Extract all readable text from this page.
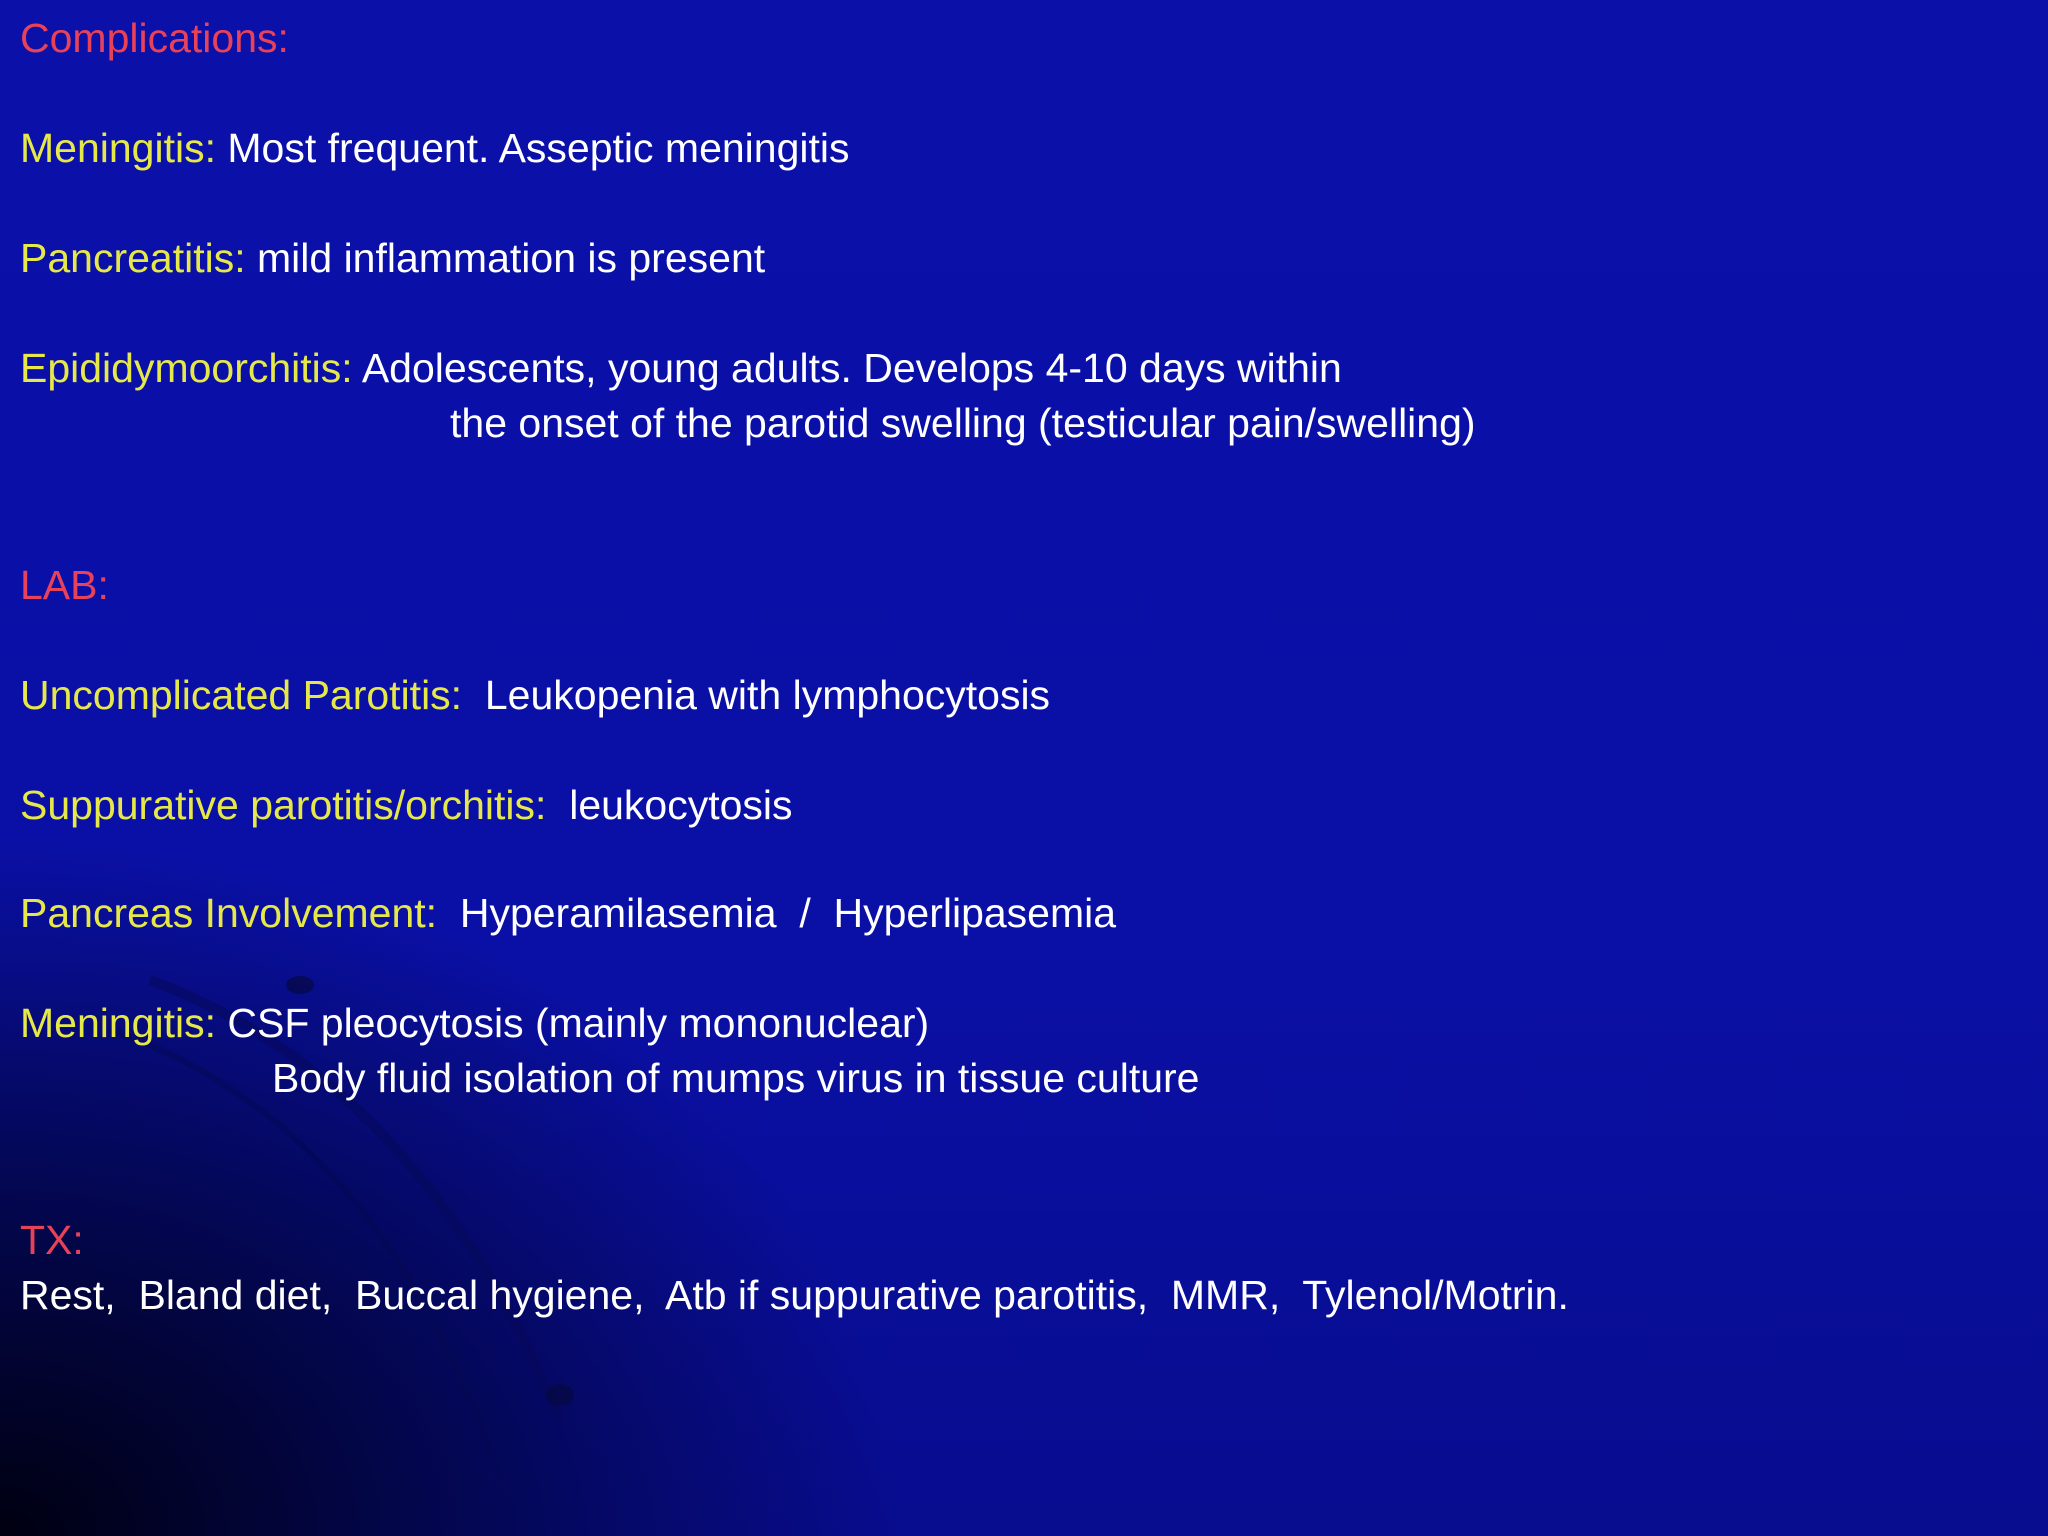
Complications:
Meningitis: Most frequent. Asseptic meningitis
Pancreatitis: mild inflammation is present
Epididymoorchitis: Adolescents, young adults. Develops 4-10 days within
the onset of the parotid swelling (testicular pain/swelling)
LAB:
Uncomplicated Parotitis:  Leukopenia with lymphocytosis
Suppurative parotitis/orchitis:  leukocytosis
Pancreas Involvement:  Hyperamilasemia  /  Hyperlipasemia
Meningitis: CSF pleocytosis (mainly mononuclear)
Body fluid isolation of mumps virus in tissue culture
TX:
Rest,  Bland diet,  Buccal hygiene,  Atb if suppurative parotitis,  MMR,  Tylenol/Motrin.
